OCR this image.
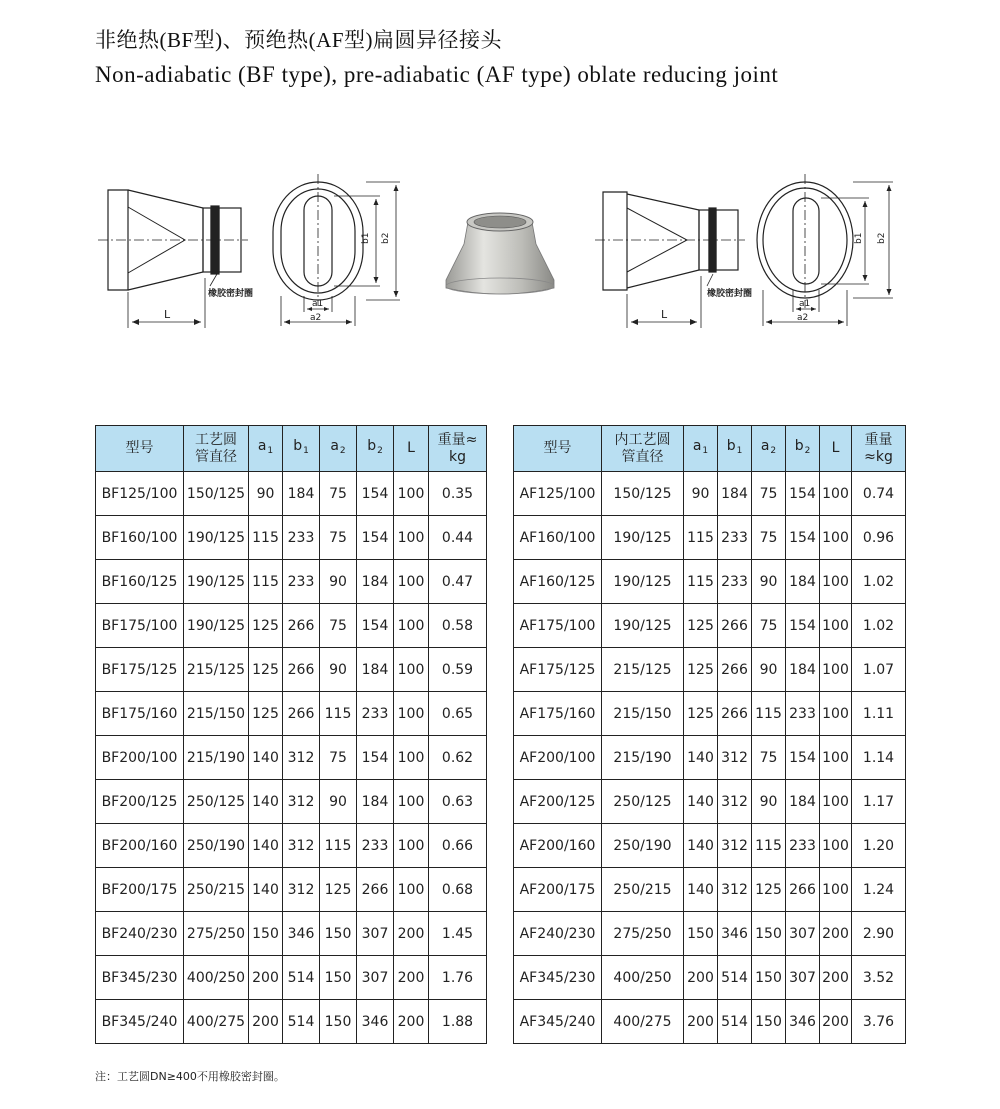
非绝热(BF型)、预绝热(AF型)扁圆异径接头
Non-adiabatic (BF type), pre-adiabatic (AF type) oblate reducing joint
L
橡胶密封圈
a1
a2
b1 b2
L
橡胶密封圈
a1
a2
b1 b2
型号	工艺圆
管直径	$a_1$	$b_1$	$a_2$	$b_2$	L	重量≈
kg
BF125/100	150/125	90	184	75	154	100	0.35
BF160/100	190/125	115	233	75	154	100	0.44
BF160/125	190/125	115	233	90	184	100	0.47
BF175/100	190/125	125	266	75	154	100	0.58
BF175/125	215/125	125	266	90	184	100	0.59
BF175/160	215/150	125	266	115	233	100	0.65
BF200/100	215/190	140	312	75	154	100	0.62
BF200/125	250/125	140	312	90	184	100	0.63
BF200/160	250/190	140	312	115	233	100	0.66
BF200/175	250/215	140	312	125	266	100	0.68
BF240/230	275/250	150	346	150	307	200	1.45
BF345/230	400/250	200	514	150	307	200	1.76
BF345/240	400/275	200	514	150	346	200	1.88
型号	内工艺圆
管直径	$a_1$	$b_1$	$a_2$	$b_2$	L	重量
≈kg
AF125/100	150/125	90	184	75	154	100	0.74
AF160/100	190/125	115	233	75	154	100	0.96
AF160/125	190/125	115	233	90	184	100	1.02
AF175/100	190/125	125	266	75	154	100	1.02
AF175/125	215/125	125	266	90	184	100	1.07
AF175/160	215/150	125	266	115	233	100	1.11
AF200/100	215/190	140	312	75	154	100	1.14
AF200/125	250/125	140	312	90	184	100	1.17
AF200/160	250/190	140	312	115	233	100	1.20
AF200/175	250/215	140	312	125	266	100	1.24
AF240/230	275/250	150	346	150	307	200	2.90
AF345/230	400/250	200	514	150	307	200	3.52
AF345/240	400/275	200	514	150	346	200	3.76
注：工艺圆DN≥400不用橡胶密封圈。
